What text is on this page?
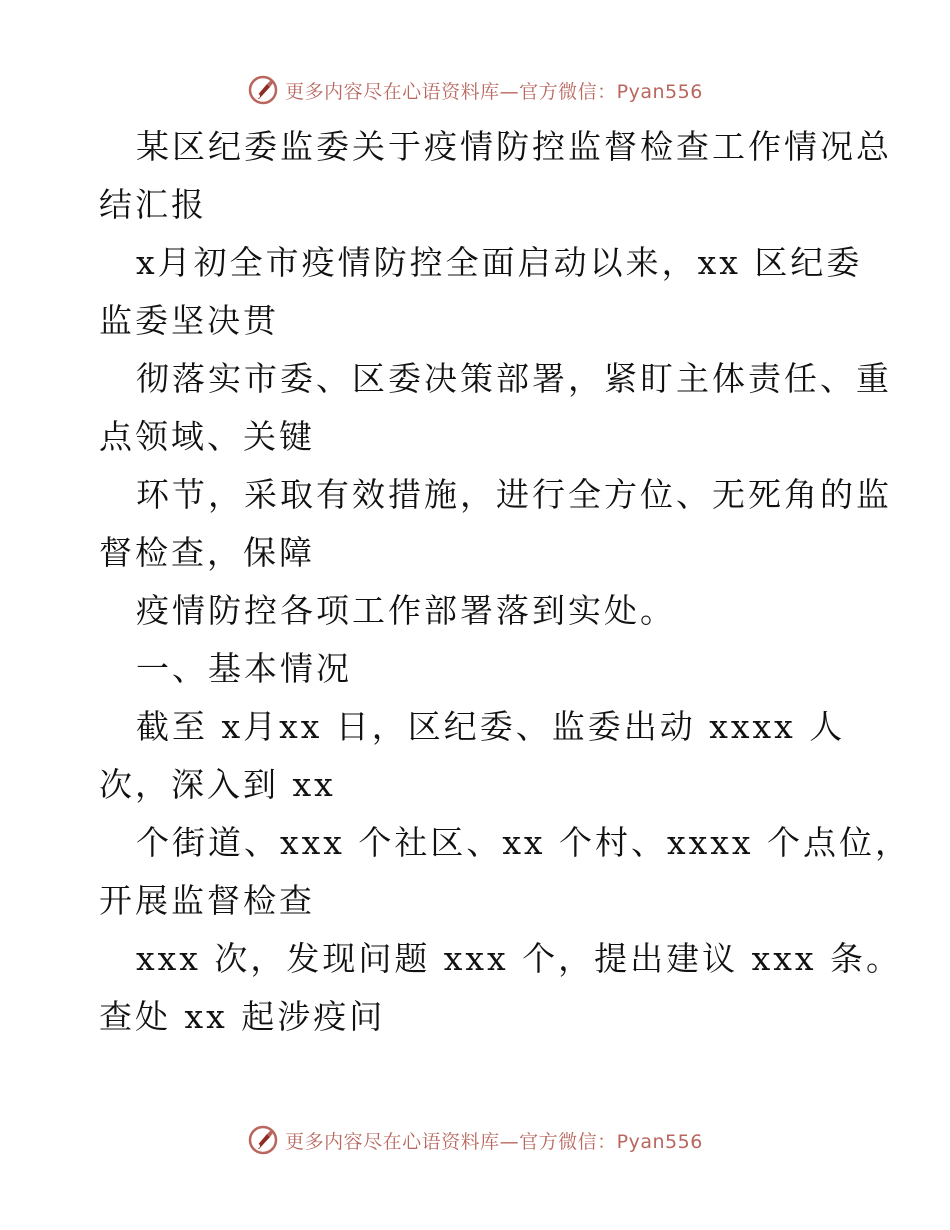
更多内容尽在心语资料库—官方微信：Pyan556
某区纪委监委关于疫情防控监督检查工作情况总
结汇报
x月初全市疫情防控全面启动以来，xx 区纪委
监委坚决贯
彻落实市委、区委决策部署，紧盯主体责任、重
点领域、关键
环节，采取有效措施，进行全方位、无死角的监
督检查，保障
疫情防控各项工作部署落到实处。
一、基本情况
截至 x月xx 日，区纪委、监委出动 xxxx 人
次，深入到 xx
个街道、xxx 个社区、xx 个村、xxxx 个点位，
开展监督检查
xxx 次，发现问题 xxx 个，提出建议 xxx 条。
查处 xx 起涉疫问
更多内容尽在心语资料库—官方微信：Pyan556
